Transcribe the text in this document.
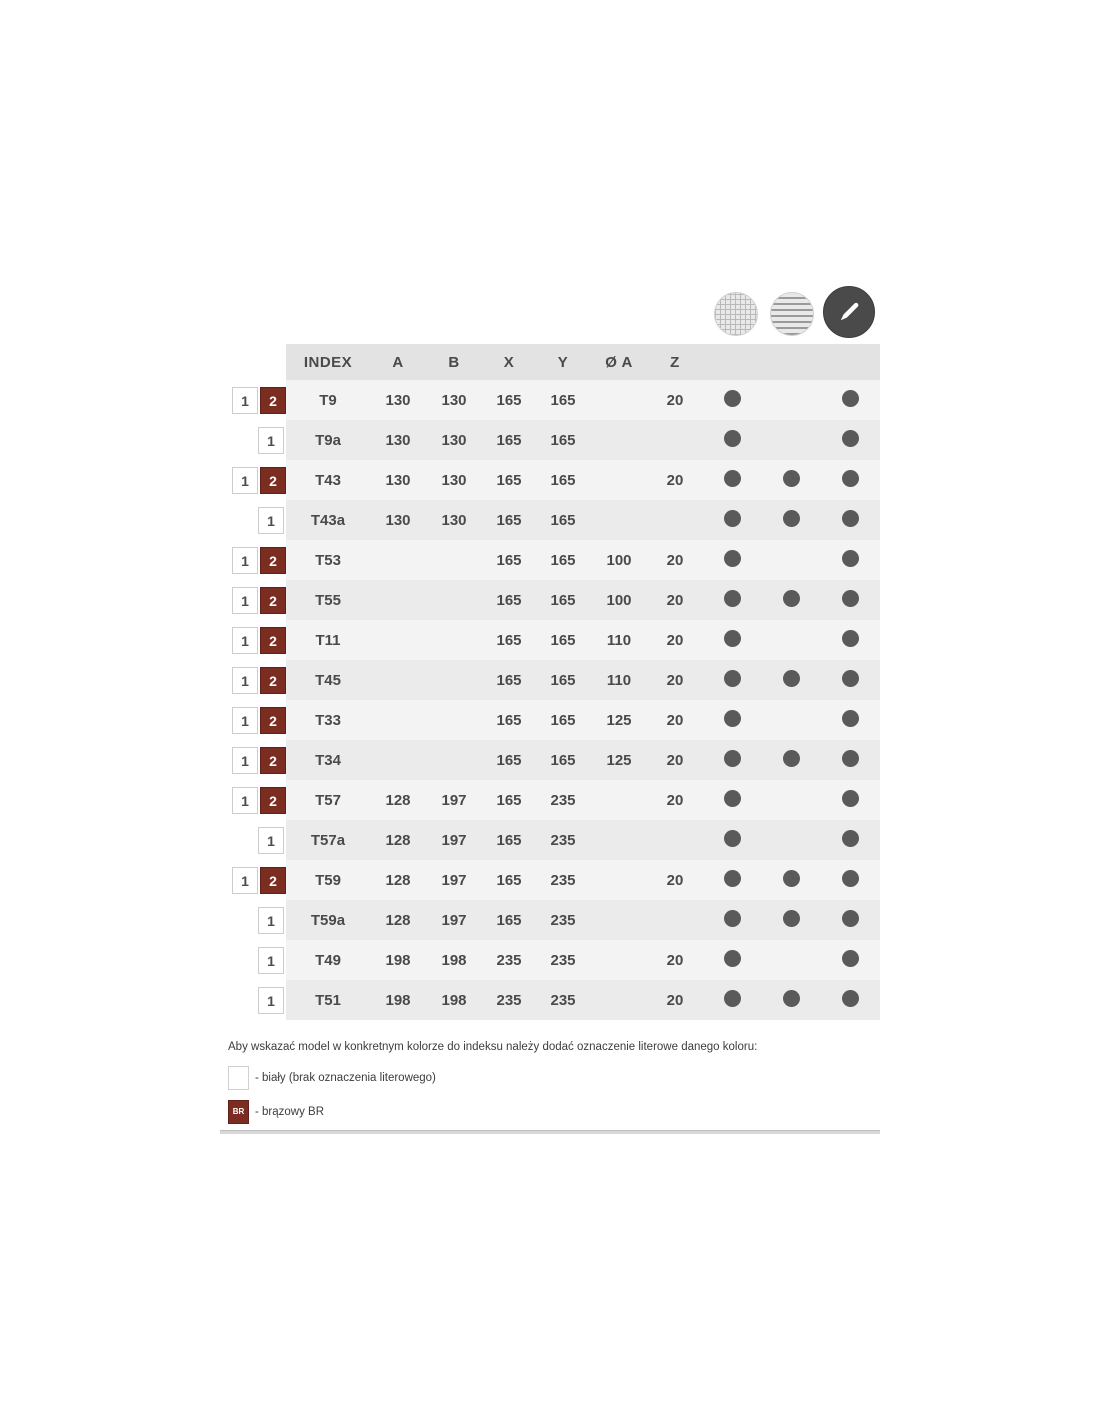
	INDEX	A	B	X	Y	Ø A	Z			
1 2	T9	130	130	165	165		20			
1	T9a	130	130	165	165					
1 2	T43	130	130	165	165		20			
1	T43a	130	130	165	165					
1 2	T53			165	165	100	20			
1 2	T55			165	165	100	20			
1 2	T11			165	165	110	20			
1 2	T45			165	165	110	20			
1 2	T33			165	165	125	20			
1 2	T34			165	165	125	20			
1 2	T57	128	197	165	235		20			
1	T57a	128	197	165	235					
1 2	T59	128	197	165	235		20			
1	T59a	128	197	165	235					
1	T49	198	198	235	235		20			
1	T51	198	198	235	235		20			

Aby wskazać model w konkretnym kolorze do indeksu należy dodać oznaczenie literowe danego koloru:

- biały (brak oznaczenia literowego)
BR - brązowy BR
